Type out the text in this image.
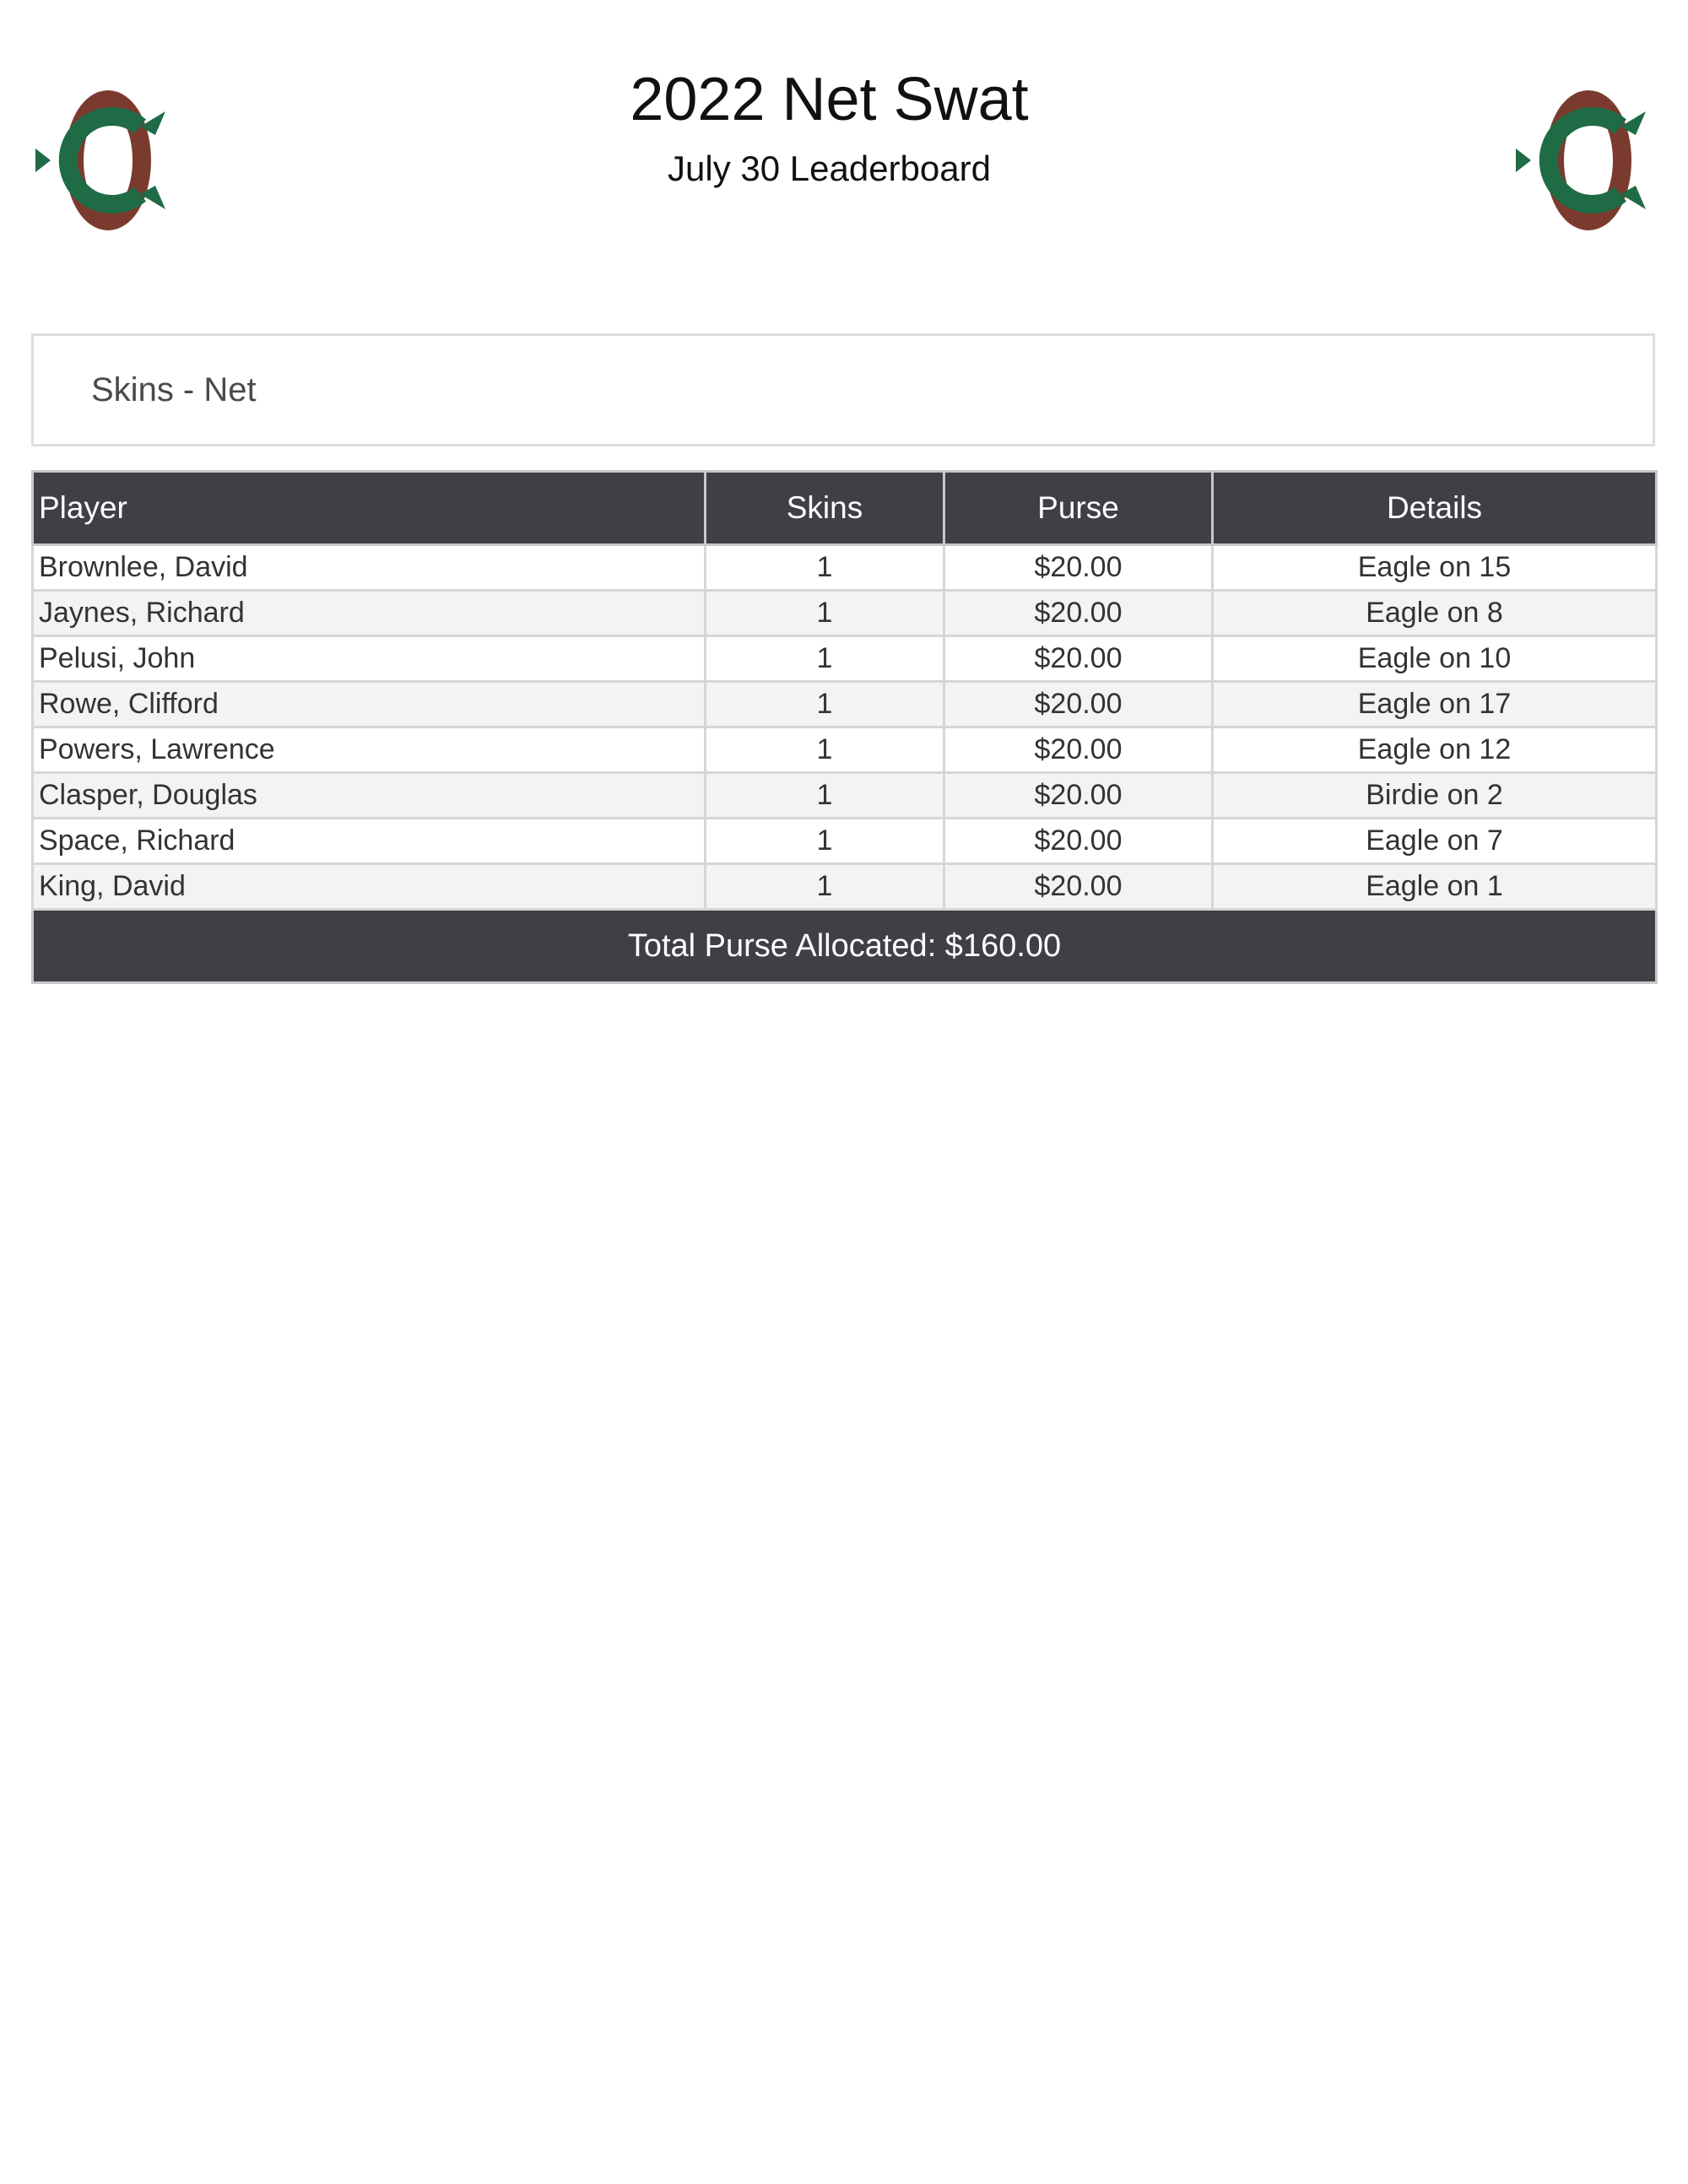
2022 Net Swat
July 30 Leaderboard
Skins - Net
Player	Skins	Purse	Details
Brownlee, David	1	$20.00	Eagle on 15
Jaynes, Richard	1	$20.00	Eagle on 8
Pelusi, John	1	$20.00	Eagle on 10
Rowe, Clifford	1	$20.00	Eagle on 17
Powers, Lawrence	1	$20.00	Eagle on 12
Clasper, Douglas	1	$20.00	Birdie on 2
Space, Richard	1	$20.00	Eagle on 7
King, David	1	$20.00	Eagle on 1
Total Purse Allocated: $160.00			
